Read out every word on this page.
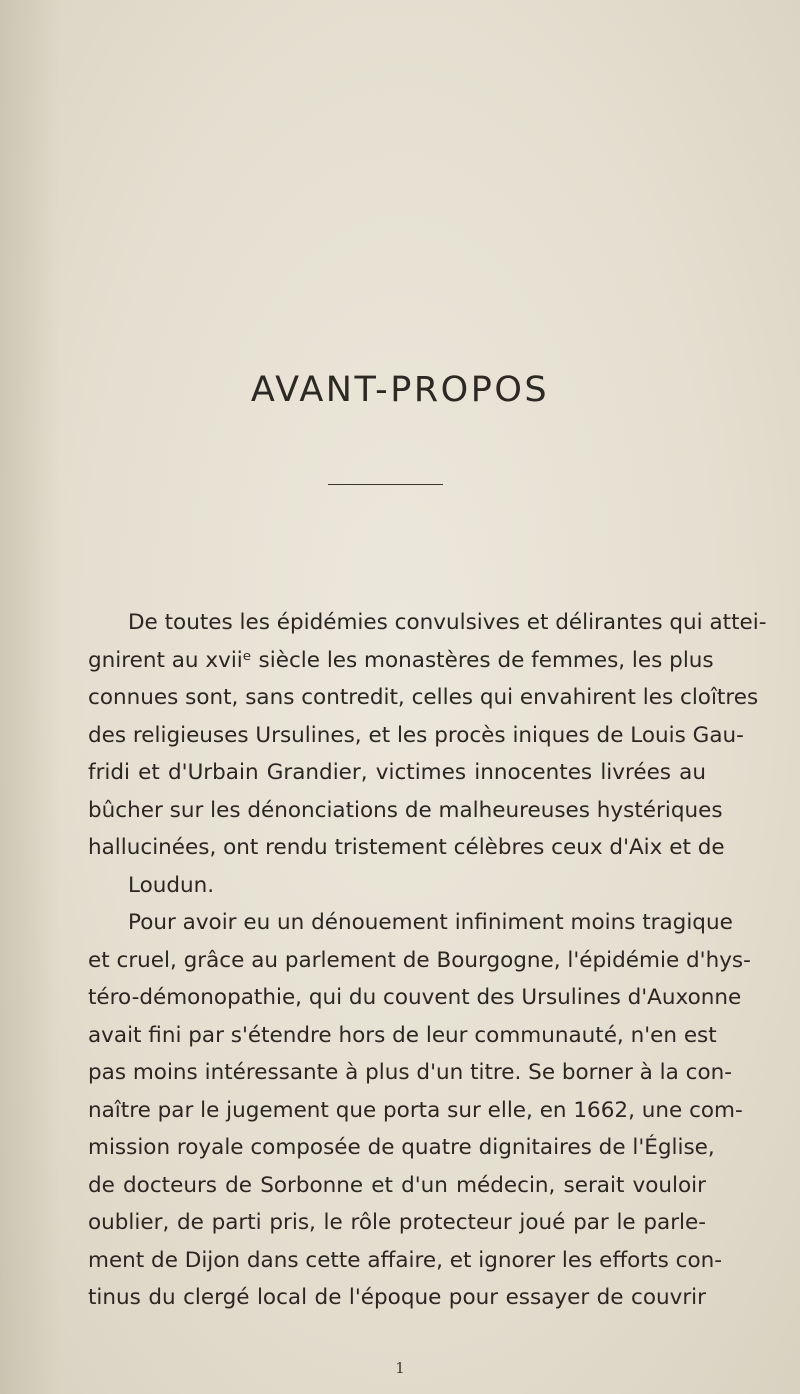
AVANT-PROPOS
De toutes les épidémies convulsives et délirantes qui attei-
gnirent au xviiᵉ siècle les monastères de femmes, les plus
connues sont, sans contredit, celles qui envahirent les cloîtres
des religieuses Ursulines, et les procès iniques de Louis Gau-
fridi et d'Urbain Grandier, victimes innocentes livrées au
bûcher sur les dénonciations de malheureuses hystériques
hallucinées, ont rendu tristement célèbres ceux d'Aix et de
Loudun.
Pour avoir eu un dénouement infiniment moins tragique
et cruel, grâce au parlement de Bourgogne, l'épidémie d'hys-
téro-démonopathie, qui du couvent des Ursulines d'Auxonne
avait fini par s'étendre hors de leur communauté, n'en est
pas moins intéressante à plus d'un titre. Se borner à la con-
naître par le jugement que porta sur elle, en 1662, une com-
mission royale composée de quatre dignitaires de l'Église,
de docteurs de Sorbonne et d'un médecin, serait vouloir
oublier, de parti pris, le rôle protecteur joué par le parle-
ment de Dijon dans cette affaire, et ignorer les efforts con-
tinus du clergé local de l'époque pour essayer de couvrir
1
